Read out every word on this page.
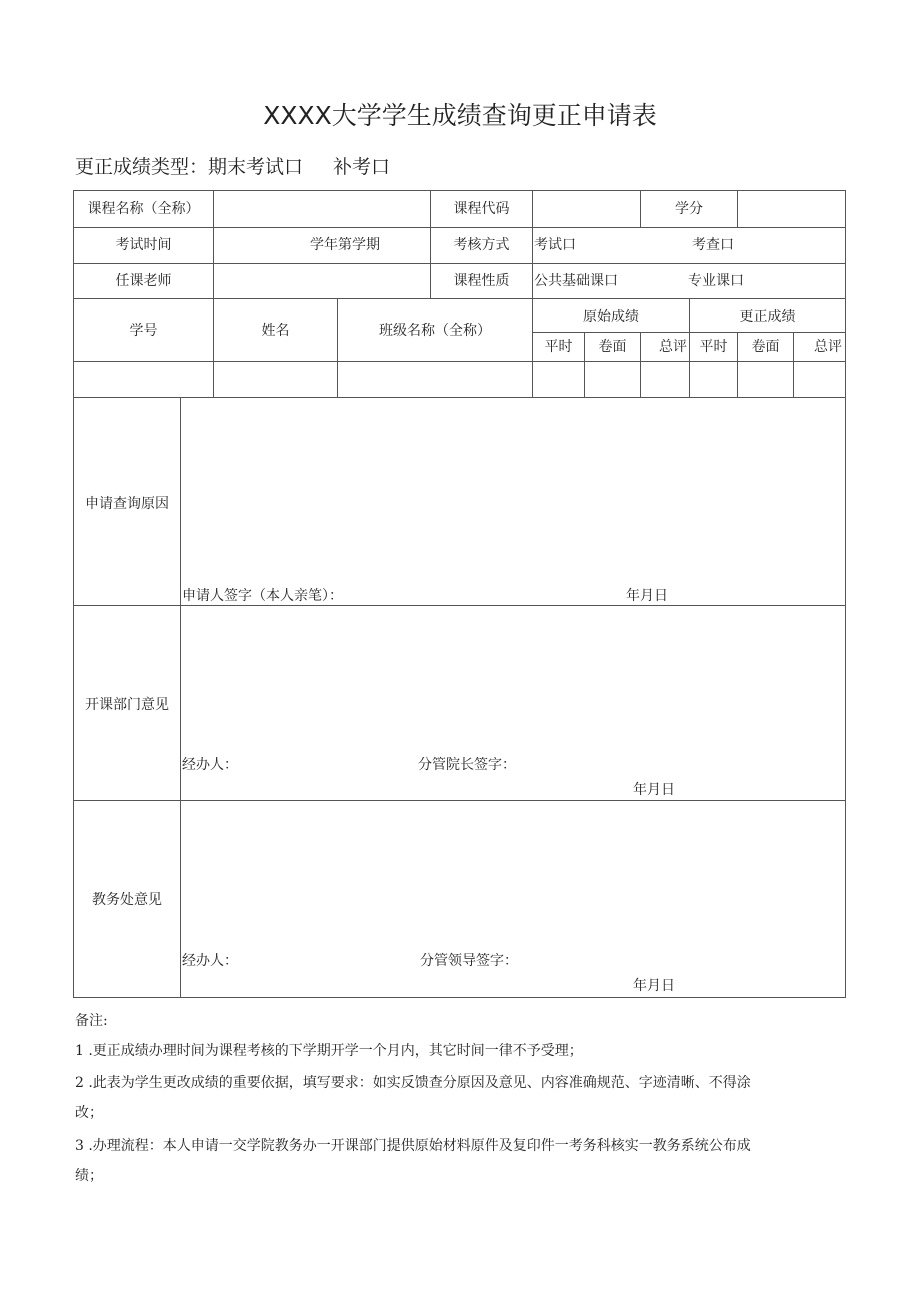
XXXX大学学生成绩查询更正申请表
更正成绩类型：期末考试口 补考口
课程名称（全称）	课程代码	学分
考试时间	学年第学期	考核方式	考试口	考查口
任课老师	课程性质	公共基础课口	专业课口
学号	姓名	班级名称（全称）
原始成绩	更正成绩
平时	卷面	总评 平时	卷面	总评
申请查询原因
申请人签字（本人亲笔）：	年月日
开课部门意见
经办人：	分管院长签字：
年月日
教务处意见
经办人：	分管领导签字：
年月日
备注:
1 .更正成绩办理时间为课程考核的下学期开学一个月内，其它时间一律不予受理；
2 .此表为学生更改成绩的重要依据，填写要求：如实反馈查分原因及意见、内容准确规范、字迹清晰、不得涂
改；
3 .办理流程：本人申请一交学院教务办一开课部门提供原始材料原件及复印件一考务科核实一教务系统公布成
绩；
